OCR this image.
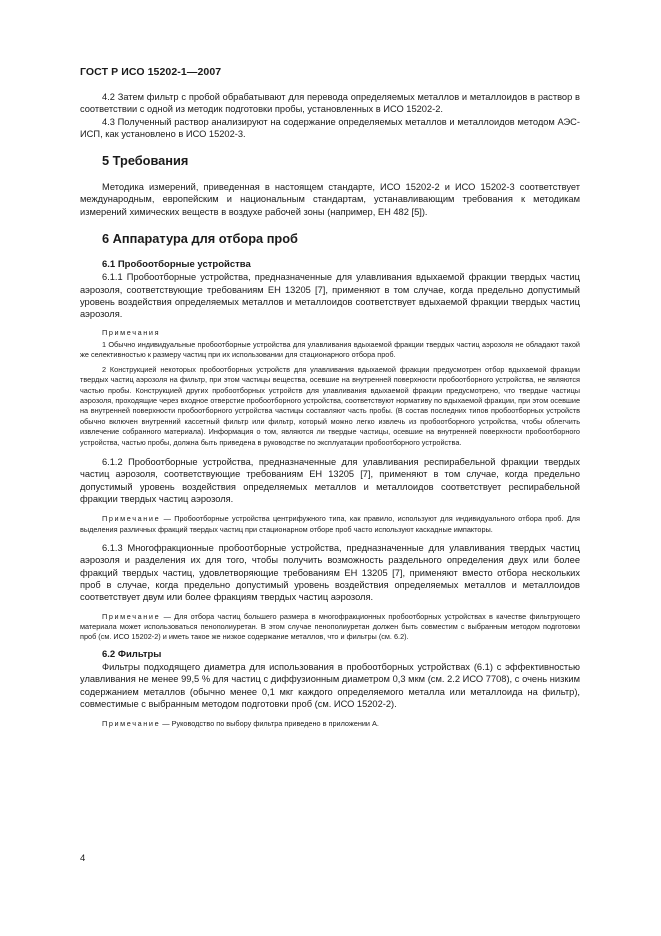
ГОСТ Р ИСО 15202-1—2007

4.2 Затем фильтр с пробой обрабатывают для перевода определяемых металлов и металлоидов в раствор в соответствии с одной из методик подготовки пробы, установленных в ИСО 15202-2.

4.3 Полученный раствор анализируют на содержание определяемых металлов и металлоидов методом АЭС-ИСП, как установлено в ИСО 15202-3.

5 Требования

Методика измерений, приведенная в настоящем стандарте, ИСО 15202-2 и ИСО 15202-3 соответствует международным, европейским и национальным стандартам, устанавливающим требования к методикам измерений химических веществ в воздухе рабочей зоны (например, ЕН 482 [5]).

6 Аппаратура для отбора проб
6.1 Пробоотборные устройства

6.1.1 Пробоотборные устройства, предназначенные для улавливания вдыхаемой фракции твердых частиц аэрозоля, соответствующие требованиям ЕН 13205 [7], применяют в том случае, когда предельно допустимый уровень воздействия определяемых металлов и металлоидов соответствует вдыхаемой фракции твердых частиц аэрозоля.

Примечания

1 Обычно индивидуальные пробоотборные устройства для улавливания вдыхаемой фракции твердых частиц аэрозоля не обладают такой же селективностью к размеру частиц при их использовании для стационарного отбора проб.

2 Конструкцией некоторых пробоотборных устройств для улавливания вдыхаемой фракции предусмотрен отбор вдыхаемой фракции твердых частиц аэрозоля на фильтр, при этом частицы вещества, осевшие на внутренней поверхности пробоотборного устройства, не являются частью пробы. Конструкцией других пробоотборных устройств для улавливания вдыхаемой фракции предусмотрено, что твердые частицы аэрозоля, проходящие через входное отверстие пробоотборного устройства, соответствуют нормативу по вдыхаемой фракции, при этом осевшие на внутренней поверхности пробоотборного устройства частицы составляют часть пробы. (В состав последних типов пробоотборных устройств обычно включен внутренний кассетный фильтр или фильтр, который можно легко извлечь из пробоотборного устройства, чтобы облегчить извлечение собранного материала). Информация о том, являются ли твердые частицы, осевшие на внутренней поверхности пробоотборного устройства, частью пробы, должна быть приведена в руководстве по эксплуатации пробоотборного устройства.

6.1.2 Пробоотборные устройства, предназначенные для улавливания респирабельной фракции твердых частиц аэрозоля, соответствующие требованиям ЕН 13205 [7], применяют в том случае, когда предельно допустимый уровень воздействия определяемых металлов и металлоидов соответствует респирабельной фракции твердых частиц аэрозоля.

Примечание — Пробоотборные устройства центрифужного типа, как правило, используют для индивидуального отбора проб. Для выделения различных фракций твердых частиц при стационарном отборе проб часто используют каскадные импакторы.

6.1.3 Многофракционные пробоотборные устройства, предназначенные для улавливания твердых частиц аэрозоля и разделения их для того, чтобы получить возможность раздельного определения двух или более фракций твердых частиц, удовлетворяющие требованиям ЕН 13205 [7], применяют вместо отбора нескольких проб в случае, когда предельно допустимый уровень воздействия определяемых металлов и металлоидов соответствует двум или более фракциям твердых частиц аэрозоля.

Примечание — Для отбора частиц большего размера в многофракционных пробоотборных устройствах в качестве фильтрующего материала может использоваться пенополиуретан. В этом случае пенополиуретан должен быть совместим с выбранным методом подготовки проб (см. ИСО 15202-2) и иметь такое же низкое содержание металлов, что и фильтры (см. 6.2).

6.2 Фильтры

Фильтры подходящего диаметра для использования в пробоотборных устройствах (6.1) с эффективностью улавливания не менее 99,5 % для частиц с диффузионным диаметром 0,3 мкм (см. 2.2 ИСО 7708), с очень низким содержанием металлов (обычно менее 0,1 мкг каждого определяемого металла или металлоида на фильтр), совместимые с выбранным методом подготовки проб (см. ИСО 15202-2).

Примечание — Руководство по выбору фильтра приведено в приложении А.

4
